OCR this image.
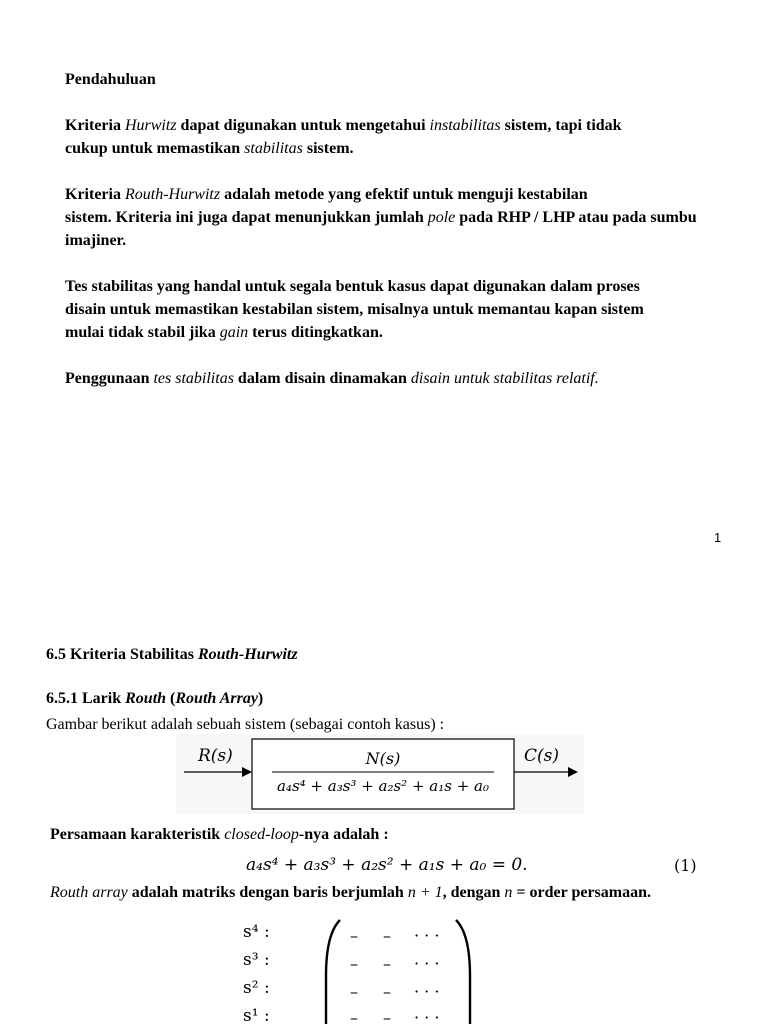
Pendahuluan
Kriteria Hurwitz dapat digunakan untuk mengetahui instabilitas sistem, tapi tidak
cukup untuk memastikan stabilitas sistem.
Kriteria Routh-Hurwitz adalah metode yang efektif untuk menguji kestabilan
sistem. Kriteria ini juga dapat menunjukkan jumlah pole pada RHP / LHP atau pada sumbu
imajiner.
Tes stabilitas yang handal untuk segala bentuk kasus dapat digunakan dalam proses
disain untuk memastikan kestabilan sistem, misalnya untuk memantau kapan sistem
mulai tidak stabil jika gain terus ditingkatkan.
Penggunaan tes stabilitas dalam disain dinamakan disain untuk stabilitas relatif.
1
6.5 Kriteria Stabilitas Routh-Hurwitz
6.5.1 Larik Routh (Routh Array)
Gambar berikut adalah sebuah sistem (sebagai contoh kasus) :
R(s)	C(s)
N(s)
a₄s⁴ + a₃s³ + a₂s² + a₁s + a₀
Persamaan karakteristik closed-loop-nya adalah :
a₄s⁴ + a₃s³ + a₂s² + a₁s + a₀ = 0.	(1)
Routh array adalah matriks dengan baris berjumlah n + 1, dengan n = order persamaan.
s⁴ :
s³ :
s² :
s¹ :
– – · · ·
– – · · ·
– – · · ·
– – · · ·
